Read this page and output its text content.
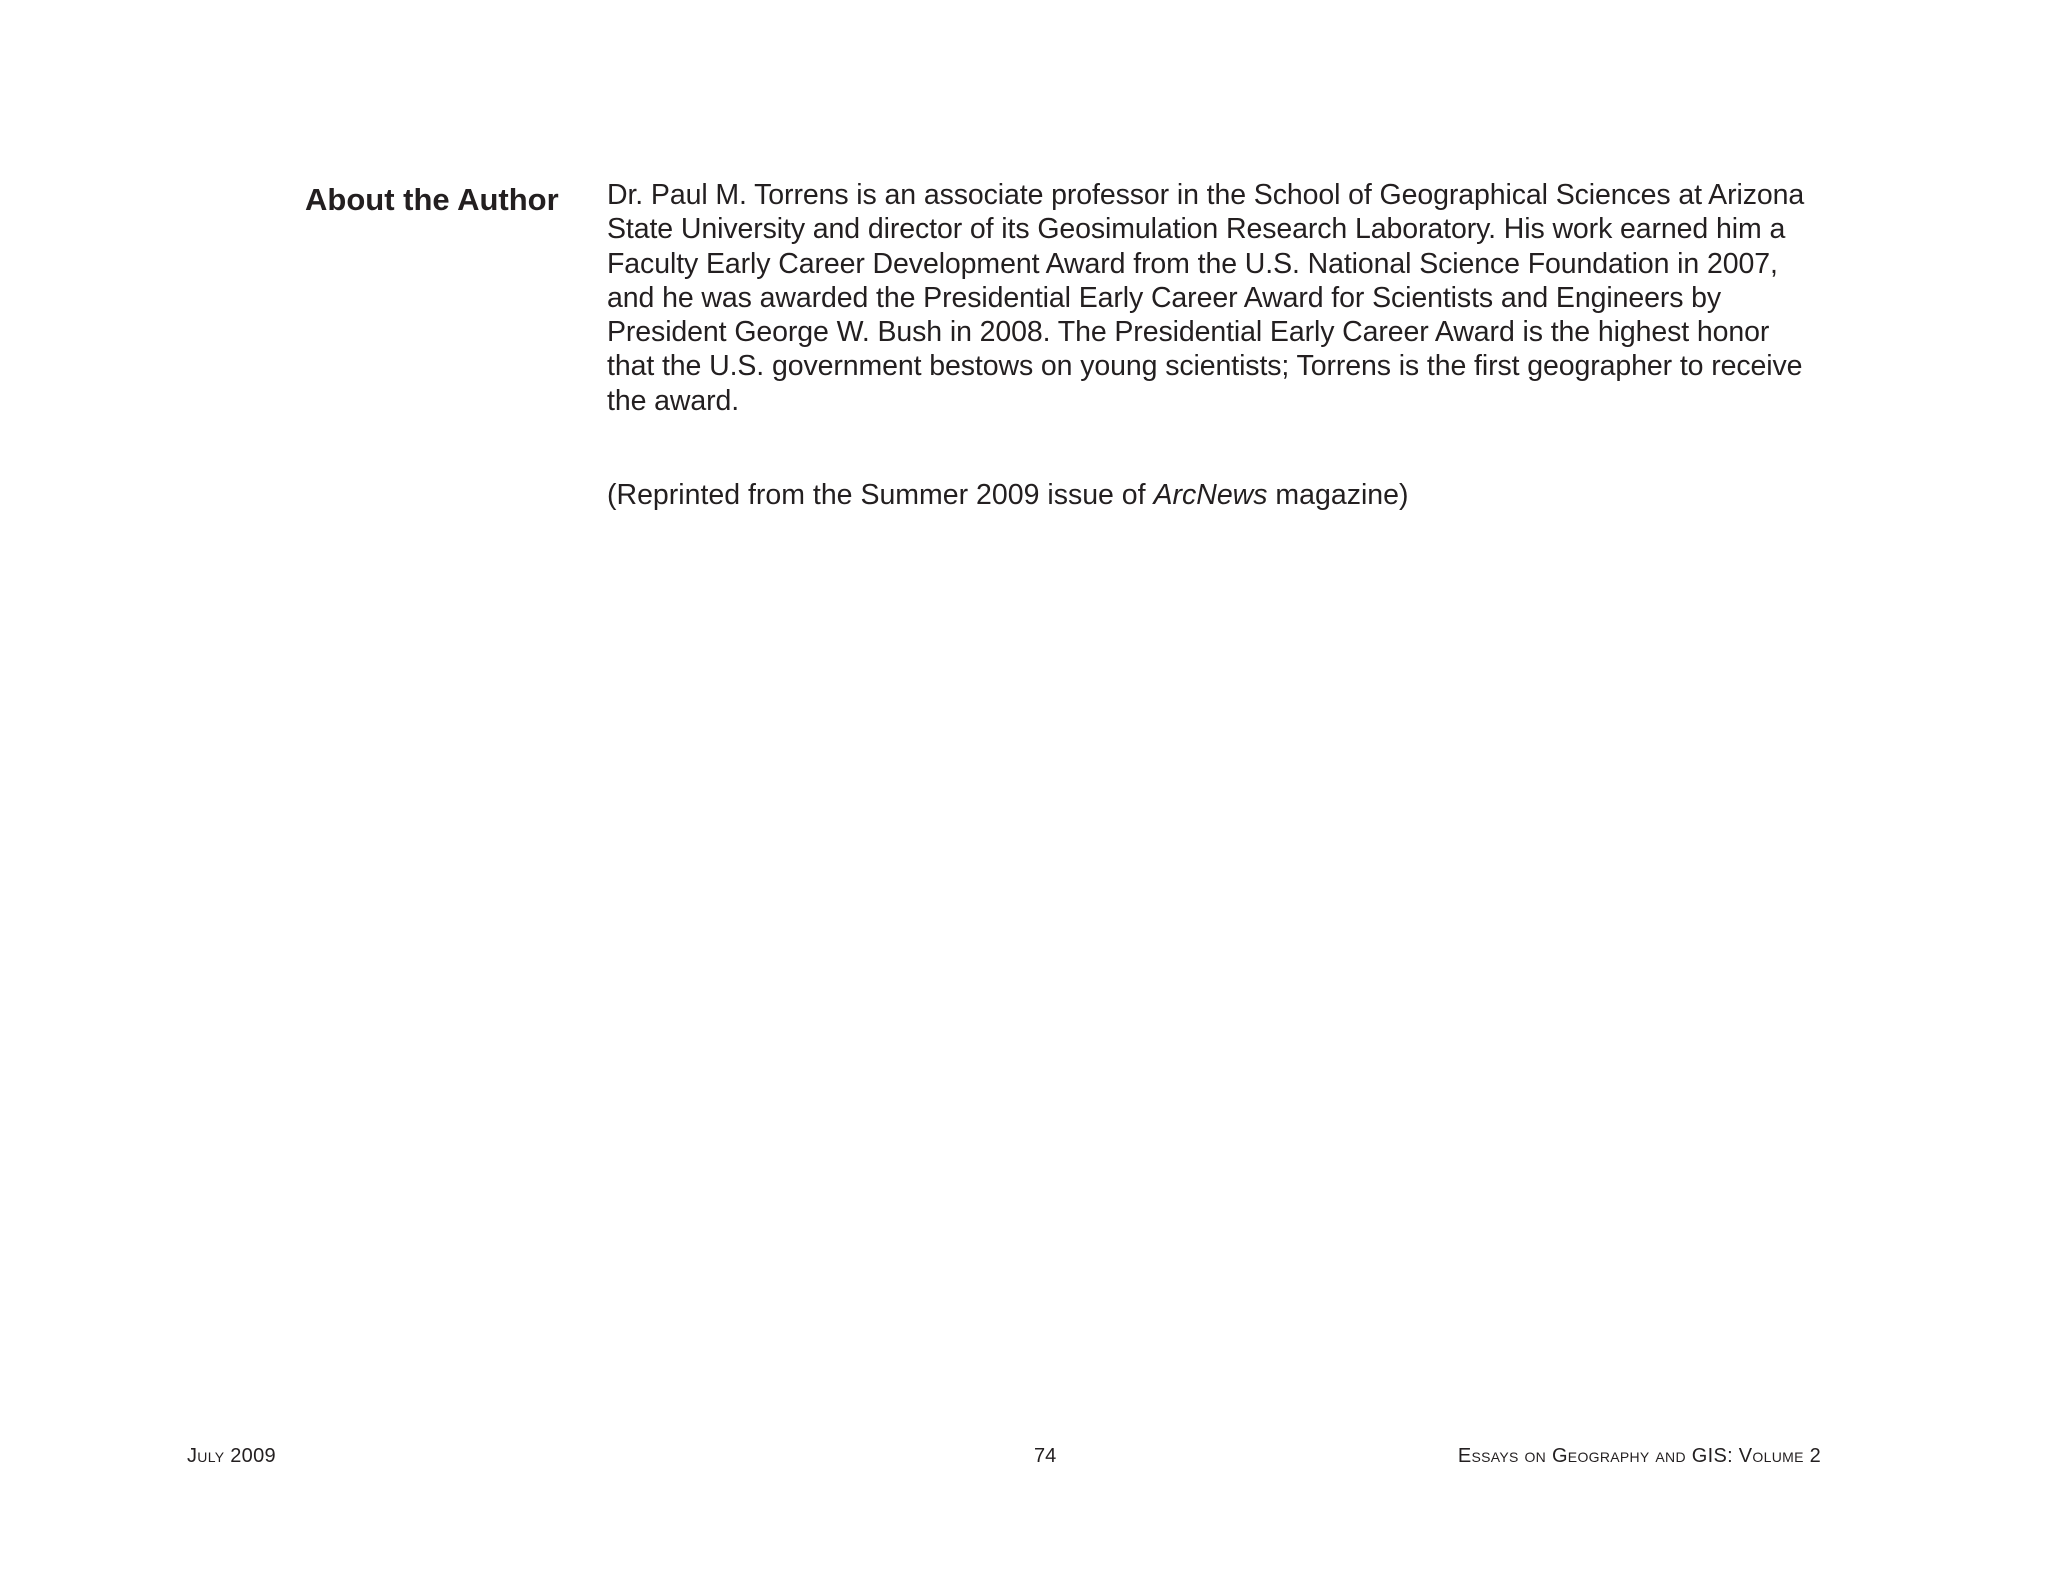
About the Author	Dr. Paul M. Torrens is an associate professor in the School of Geographical Sciences at Arizona
State University and director of its Geosimulation Research Laboratory. His work earned him a
Faculty Early Career Development Award from the U.S. National Science Foundation in 2007,
and he was awarded the Presidential Early Career Award for Scientists and Engineers by
President George W. Bush in 2008. The Presidential Early Career Award is the highest honor
that the U.S. government bestows on young scientists; Torrens is the first geographer to receive
the award.

(Reprinted from the Summer 2009 issue of ArcNews magazine)

July 2009	74	Essays on Geography and GIS: Volume 2
